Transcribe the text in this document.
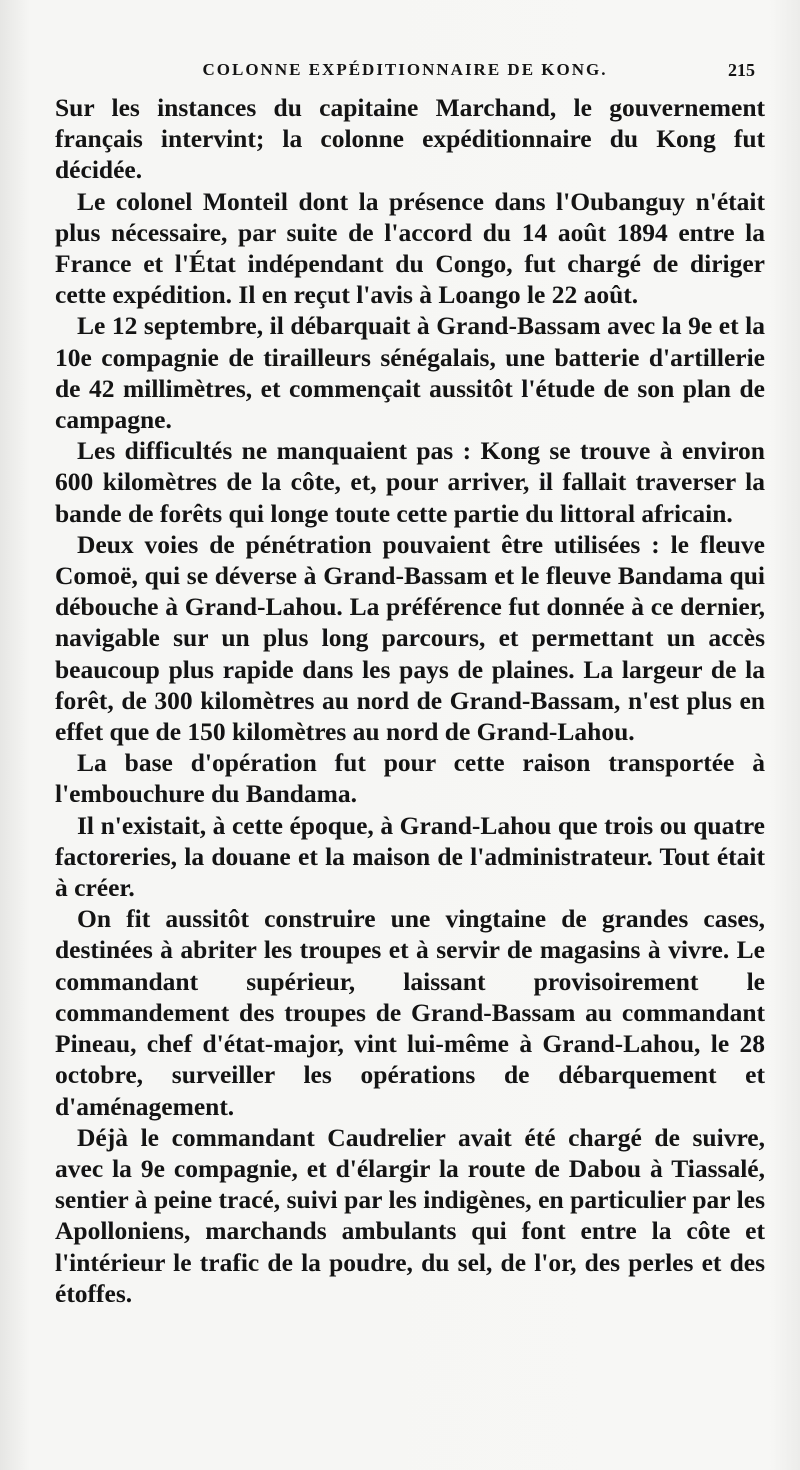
COLONNE EXPÉDITIONNAIRE DE KONG.	215

Sur les instances du capitaine Marchand, le gouvernement français intervint; la colonne expéditionnaire du Kong fut décidée.

Le colonel Monteil dont la présence dans l'Oubanguy n'était plus nécessaire, par suite de l'accord du 14 août 1894 entre la France et l'État indépendant du Congo, fut chargé de diriger cette expédition. Il en reçut l'avis à Loango le 22 août.

Le 12 septembre, il débarquait à Grand-Bassam avec la 9e et la 10e compagnie de tirailleurs sénégalais, une batterie d'artillerie de 42 millimètres, et commençait aussitôt l'étude de son plan de campagne.

Les difficultés ne manquaient pas : Kong se trouve à environ 600 kilomètres de la côte, et, pour arriver, il fallait traverser la bande de forêts qui longe toute cette partie du littoral africain.

Deux voies de pénétration pouvaient être utilisées : le fleuve Comoë, qui se déverse à Grand-Bassam et le fleuve Bandama qui débouche à Grand-Lahou. La préférence fut donnée à ce dernier, navigable sur un plus long parcours, et permettant un accès beaucoup plus rapide dans les pays de plaines. La largeur de la forêt, de 300 kilomètres au nord de Grand-Bassam, n'est plus en effet que de 150 kilomètres au nord de Grand-Lahou.

La base d'opération fut pour cette raison transportée à l'embouchure du Bandama.

Il n'existait, à cette époque, à Grand-Lahou que trois ou quatre factoreries, la douane et la maison de l'administrateur. Tout était à créer.

On fit aussitôt construire une vingtaine de grandes cases, destinées à abriter les troupes et à servir de magasins à vivre. Le commandant supérieur, laissant provisoirement le commandement des troupes de Grand-Bassam au commandant Pineau, chef d'état-major, vint lui-même à Grand-Lahou, le 28 octobre, surveiller les opérations de débarquement et d'aménagement.

Déjà le commandant Caudrelier avait été chargé de suivre, avec la 9e compagnie, et d'élargir la route de Dabou à Tiassalé, sentier à peine tracé, suivi par les indigènes, en particulier par les Apolloniens, marchands ambulants qui font entre la côte et l'intérieur le trafic de la poudre, du sel, de l'or, des perles et des étoffes.
